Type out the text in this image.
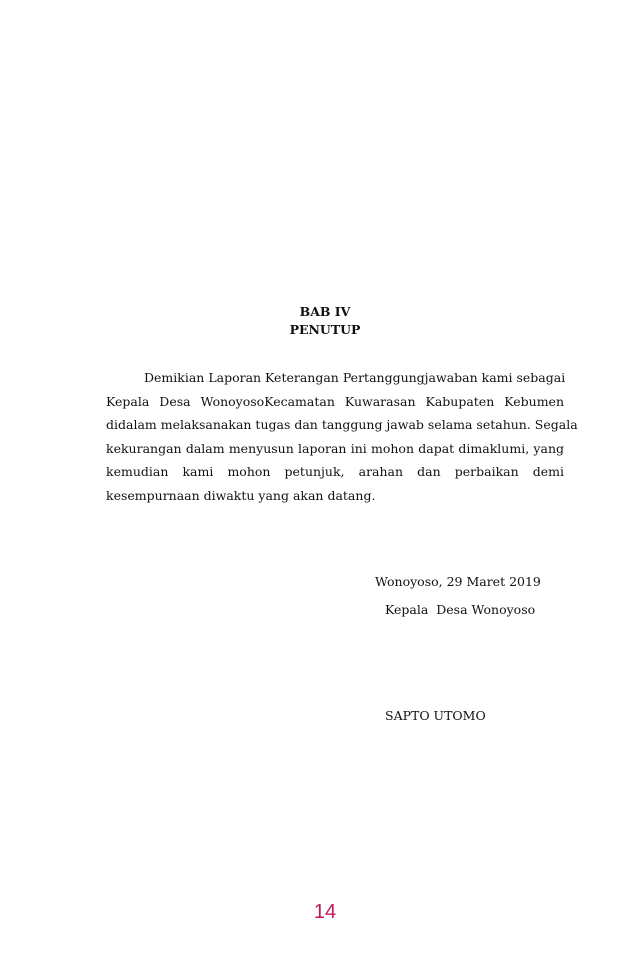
BAB IV
PENUTUP
Demikian Laporan Keterangan Pertanggungjawaban kami sebagai
Kepala Desa WonoyosoKecamatan Kuwarasan Kabupaten Kebumen
didalam melaksanakan tugas dan tanggung jawab selama setahun. Segala
kekurangan dalam menyusun laporan ini mohon dapat dimaklumi, yang
kemudian kami mohon petunjuk, arahan dan perbaikan demi
kesempurnaan diwaktu yang akan datang.
Wonoyoso, 29 Maret 2019
Kepala  Desa Wonoyoso
SAPTO UTOMO
14
